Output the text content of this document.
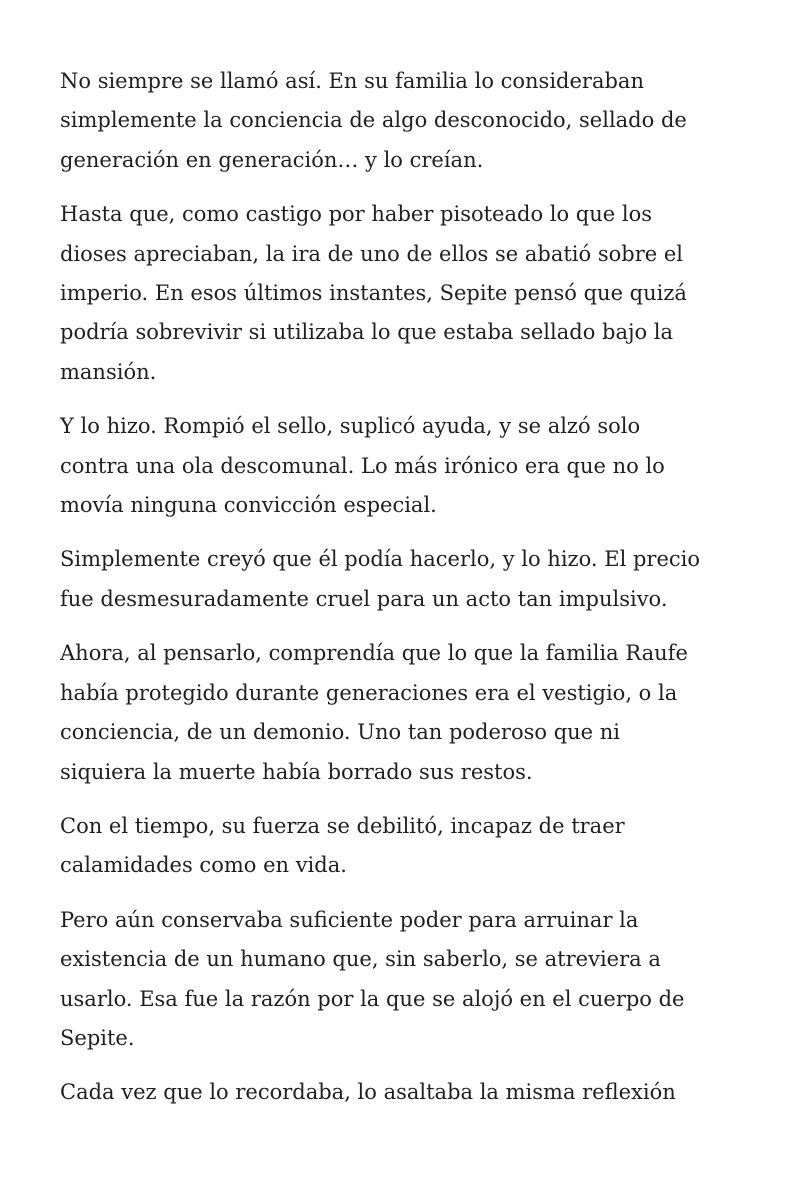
No siempre se llamó así. En su familia lo consideraban
simplemente la conciencia de algo desconocido, sellado de
generación en generación… y lo creían.

Hasta que, como castigo por haber pisoteado lo que los
dioses apreciaban, la ira de uno de ellos se abatió sobre el
imperio. En esos últimos instantes, Sepite pensó que quizá
podría sobrevivir si utilizaba lo que estaba sellado bajo la
mansión.

Y lo hizo. Rompió el sello, suplicó ayuda, y se alzó solo
contra una ola descomunal. Lo más irónico era que no lo
movía ninguna convicción especial.

Simplemente creyó que él podía hacerlo, y lo hizo. El precio
fue desmesuradamente cruel para un acto tan impulsivo.

Ahora, al pensarlo, comprendía que lo que la familia Raufe
había protegido durante generaciones era el vestigio, o la
conciencia, de un demonio. Uno tan poderoso que ni
siquiera la muerte había borrado sus restos.

Con el tiempo, su fuerza se debilitó, incapaz de traer
calamidades como en vida.

Pero aún conservaba suficiente poder para arruinar la
existencia de un humano que, sin saberlo, se atreviera a
usarlo. Esa fue la razón por la que se alojó en el cuerpo de
Sepite.

Cada vez que lo recordaba, lo asaltaba la misma reflexión
